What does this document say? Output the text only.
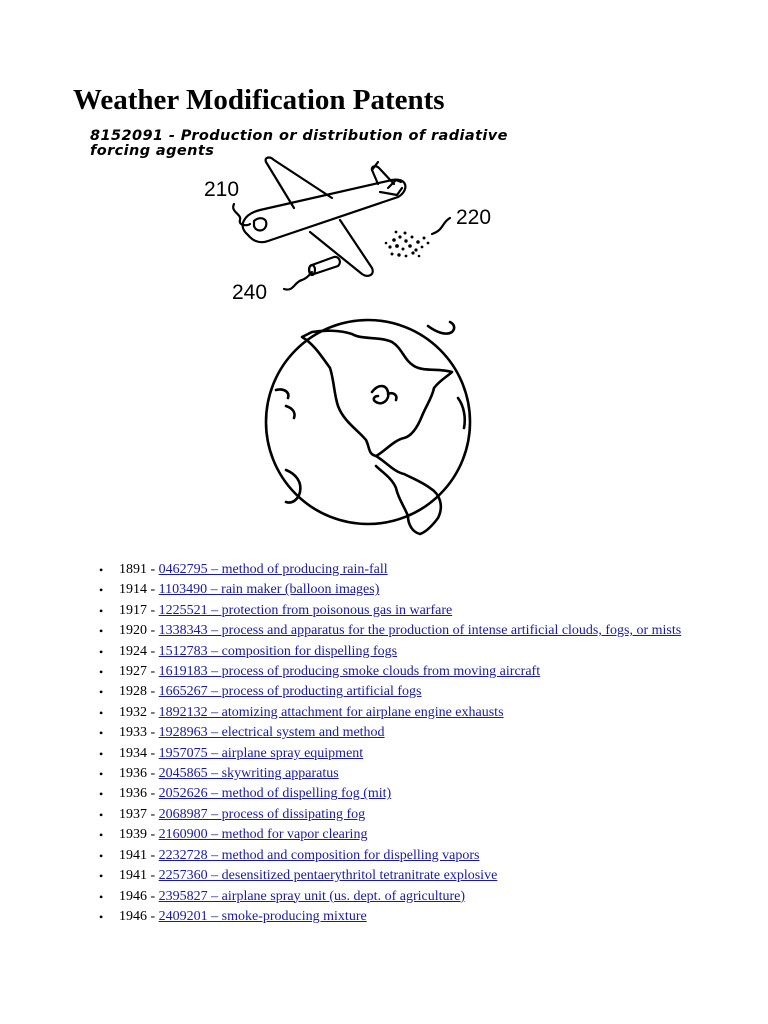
Weather Modification Patents
8152091 - Production or distribution of radiative
forcing agents
210
220
240
• 1891 - 0462795 – method of producing rain-fall
• 1914 - 1103490 – rain maker (balloon images)
• 1917 - 1225521 – protection from poisonous gas in warfare
• 1920 - 1338343 – process and apparatus for the production of intense artificial clouds, fogs, or mists
• 1924 - 1512783 – composition for dispelling fogs
• 1927 - 1619183 – process of producing smoke clouds from moving aircraft
• 1928 - 1665267 – process of producting artificial fogs
• 1932 - 1892132 – atomizing attachment for airplane engine exhausts
• 1933 - 1928963 – electrical system and method
• 1934 - 1957075 – airplane spray equipment
• 1936 - 2045865 – skywriting apparatus
• 1936 - 2052626 – method of dispelling fog (mit)
• 1937 - 2068987 – process of dissipating fog
• 1939 - 2160900 – method for vapor clearing
• 1941 - 2232728 – method and composition for dispelling vapors
• 1941 - 2257360 – desensitized pentaerythritol tetranitrate explosive
• 1946 - 2395827 – airplane spray unit (us. dept. of agriculture)
• 1946 - 2409201 – smoke-producing mixture
